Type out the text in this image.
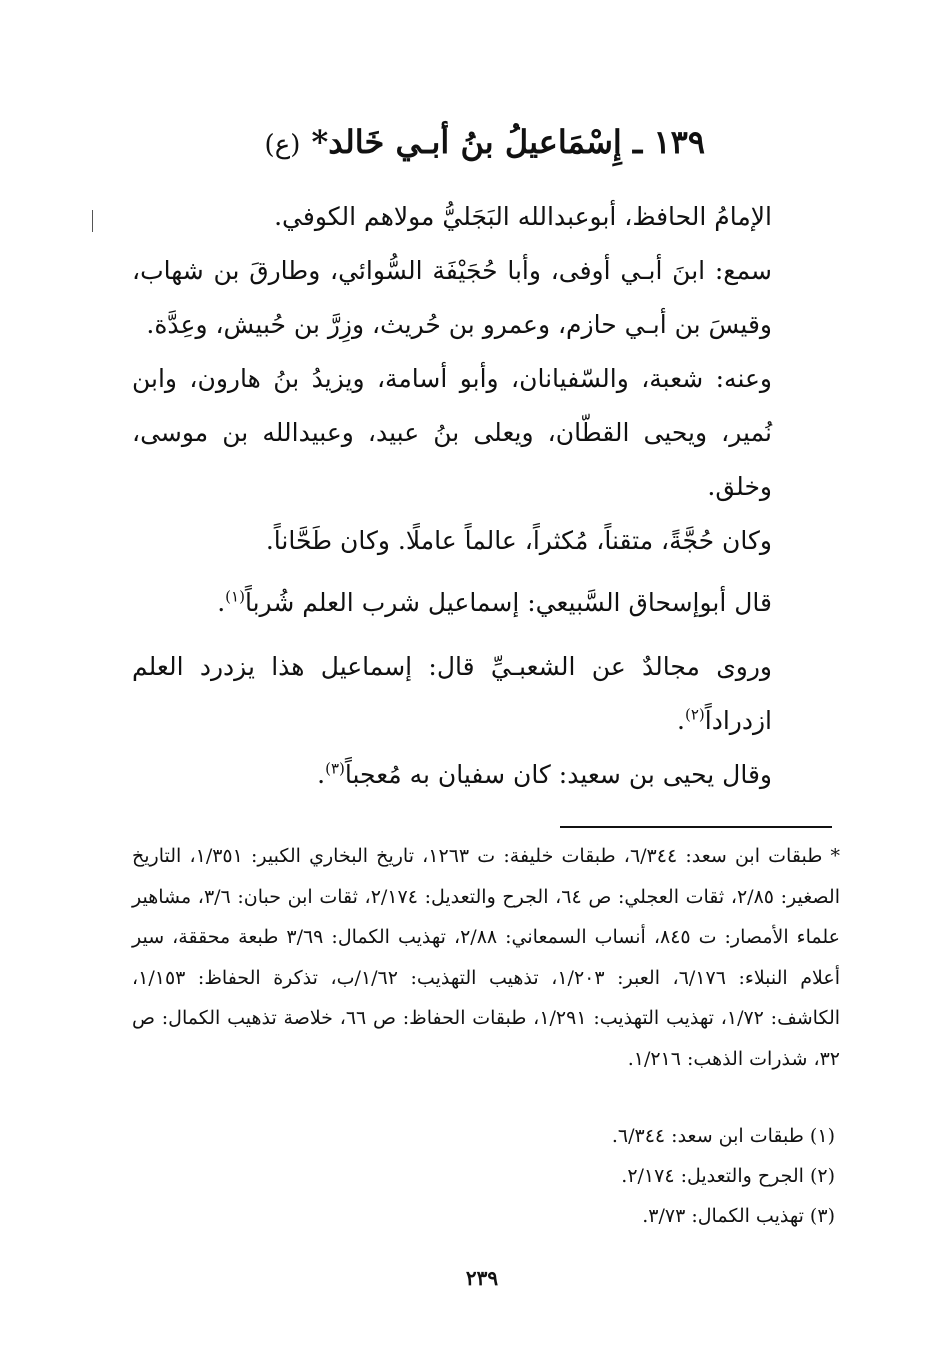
١٣٩ ـ إِسْمَاعيلُ بنُ أبـي خَالد* (ع)

الإمامُ الحافظ، أبوعبدالله البَجَليُّ مولاهم الكوفي.

سمع: ابنَ أبـي أوفى، وأبا حُجَيْفَة السُّوائي، وطارقَ بن شهاب، وقيسَ بن أبـي حازم، وعمرو بن حُريث، وزِرَّ بن حُبيش، وعِدَّة.

وعنه: شعبة، والسّفيانان، وأبو أسامة، ويزيدُ بنُ هارون، وابن نُمير، ويحيى القطّان، ويعلى بنُ عبيد، وعبيدالله بن موسى، وخلق.

وكان حُجَّةً، متقناً، مُكثراً، عالماً عاملًا. وكان طَحَّاناً.

قال أبوإسحاق السَّبيعي: إسماعيل شرب العلم شُرباً$^{(١)}$.

وروى مجالدٌ عن الشعبـيِّ قال: إسماعيل هذا يزدرد العلم ازدراداً$^{(٢)}$.

وقال يحيى بن سعيد: كان سفيان به مُعجباً$^{(٣)}$.

* طبقات ابن سعد: ٦/٣٤٤، طبقات خليفة: ت ١٢٦٣، تاريخ البخاري الكبير: ١/٣٥١، التاريخ الصغير: ٢/٨٥، ثقات العجلي: ص ٦٤، الجرح والتعديل: ٢/١٧٤، ثقات ابن حبان: ٣/٦، مشاهير علماء الأمصار: ت ٨٤٥، أنساب السمعاني: ٢/٨٨، تهذيب الكمال: ٣/٦٩ طبعة محققة، سير أعلام النبلاء: ٦/١٧٦، العبر: ١/٢٠٣، تذهيب التهذيب: ١/٦٢/ب، تذكرة الحفاظ: ١/١٥٣، الكاشف: ١/٧٢، تهذيب التهذيب: ١/٢٩١، طبقات الحفاظ: ص ٦٦، خلاصة تذهيب الكمال: ص ٣٢، شذرات الذهب: ١/٢١٦.

(١) طبقات ابن سعد: ٦/٣٤٤.
(٢) الجرح والتعديل: ٢/١٧٤.
(٣) تهذيب الكمال: ٣/٧٣.
٢٣٩
